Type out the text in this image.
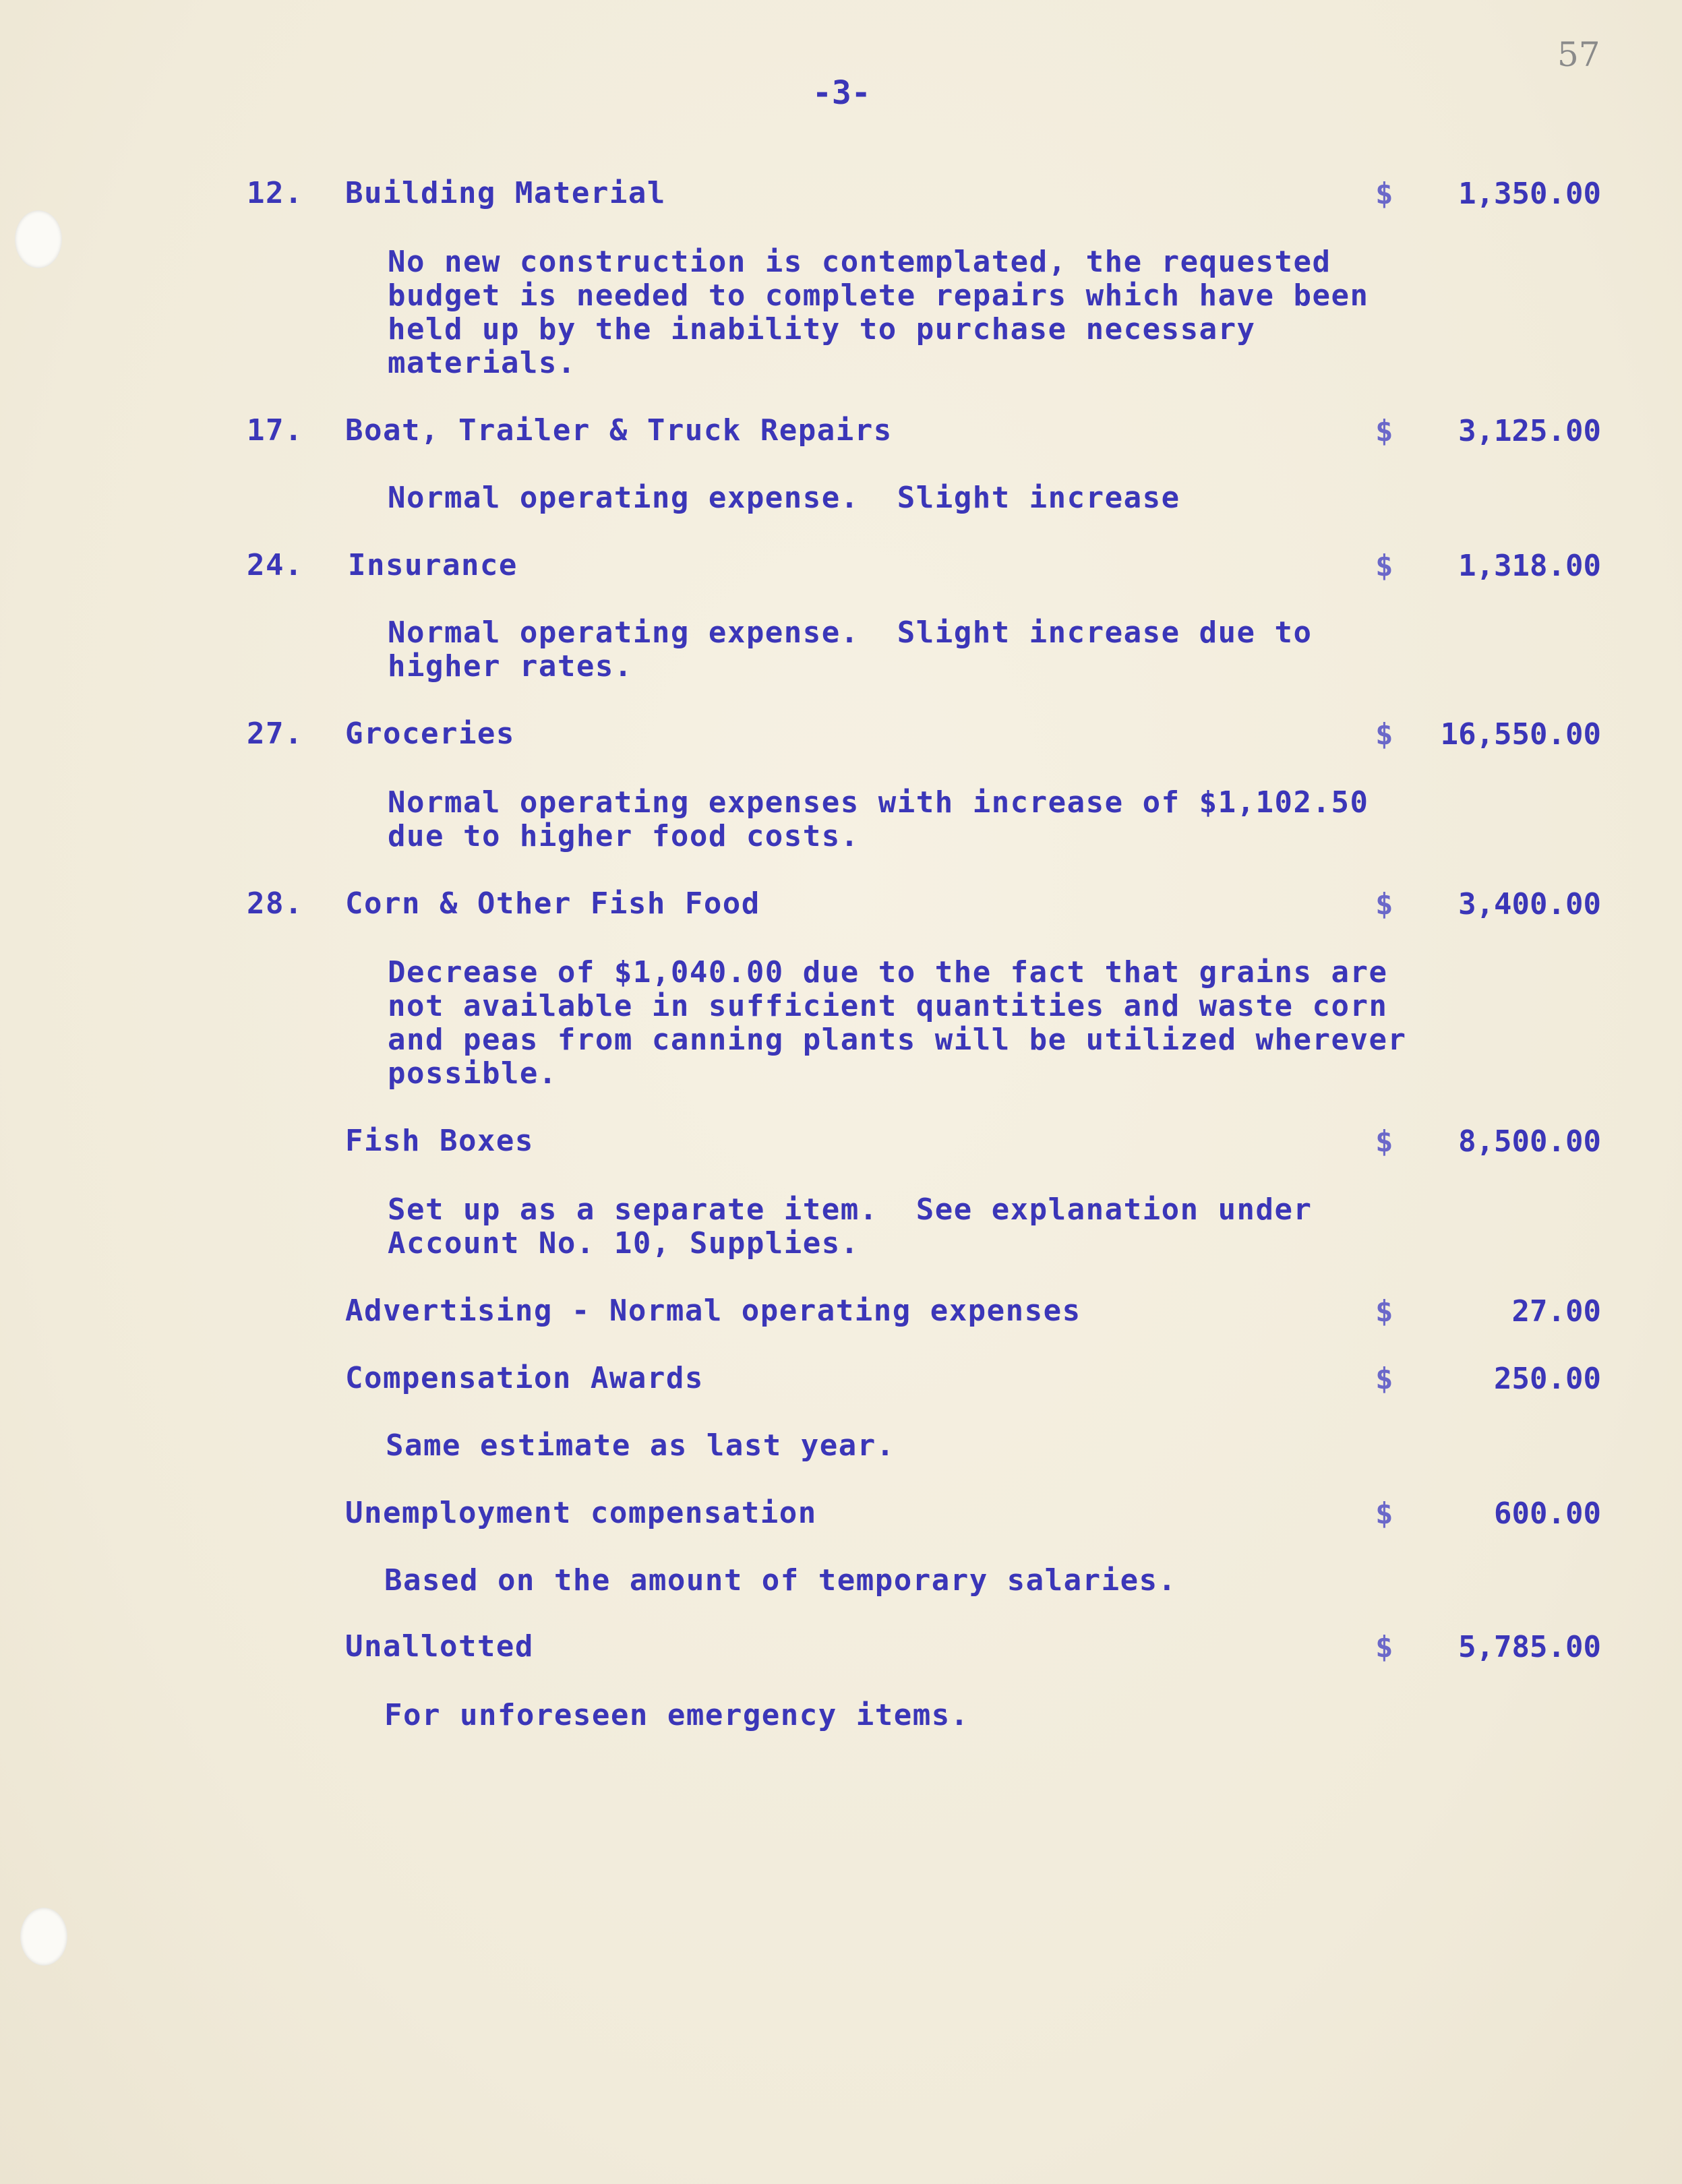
57
-3-
12. Building Material	$	1,350.00
No new construction is contemplated, the requested
budget is needed to complete repairs which have been
held up by the inability to purchase necessary
materials.
17. Boat, Trailer & Truck Repairs	$	3,125.00
Normal operating expense.  Slight increase
24. Insurance	$	1,318.00
Normal operating expense.  Slight increase due to
higher rates.
27. Groceries	$	16,550.00
Normal operating expenses with increase of $1,102.50
due to higher food costs.
28. Corn & Other Fish Food	$	3,400.00
Decrease of $1,040.00 due to the fact that grains are
not available in sufficient quantities and waste corn
and peas from canning plants will be utilized wherever
possible.
Fish Boxes	$	8,500.00
Set up as a separate item.  See explanation under
Account No. 10, Supplies.
Advertising - Normal operating expenses	$	27.00
Compensation Awards	$	250.00
Same estimate as last year.
Unemployment compensation	$	600.00
Based on the amount of temporary salaries.
Unallotted	$	5,785.00
For unforeseen emergency items.
